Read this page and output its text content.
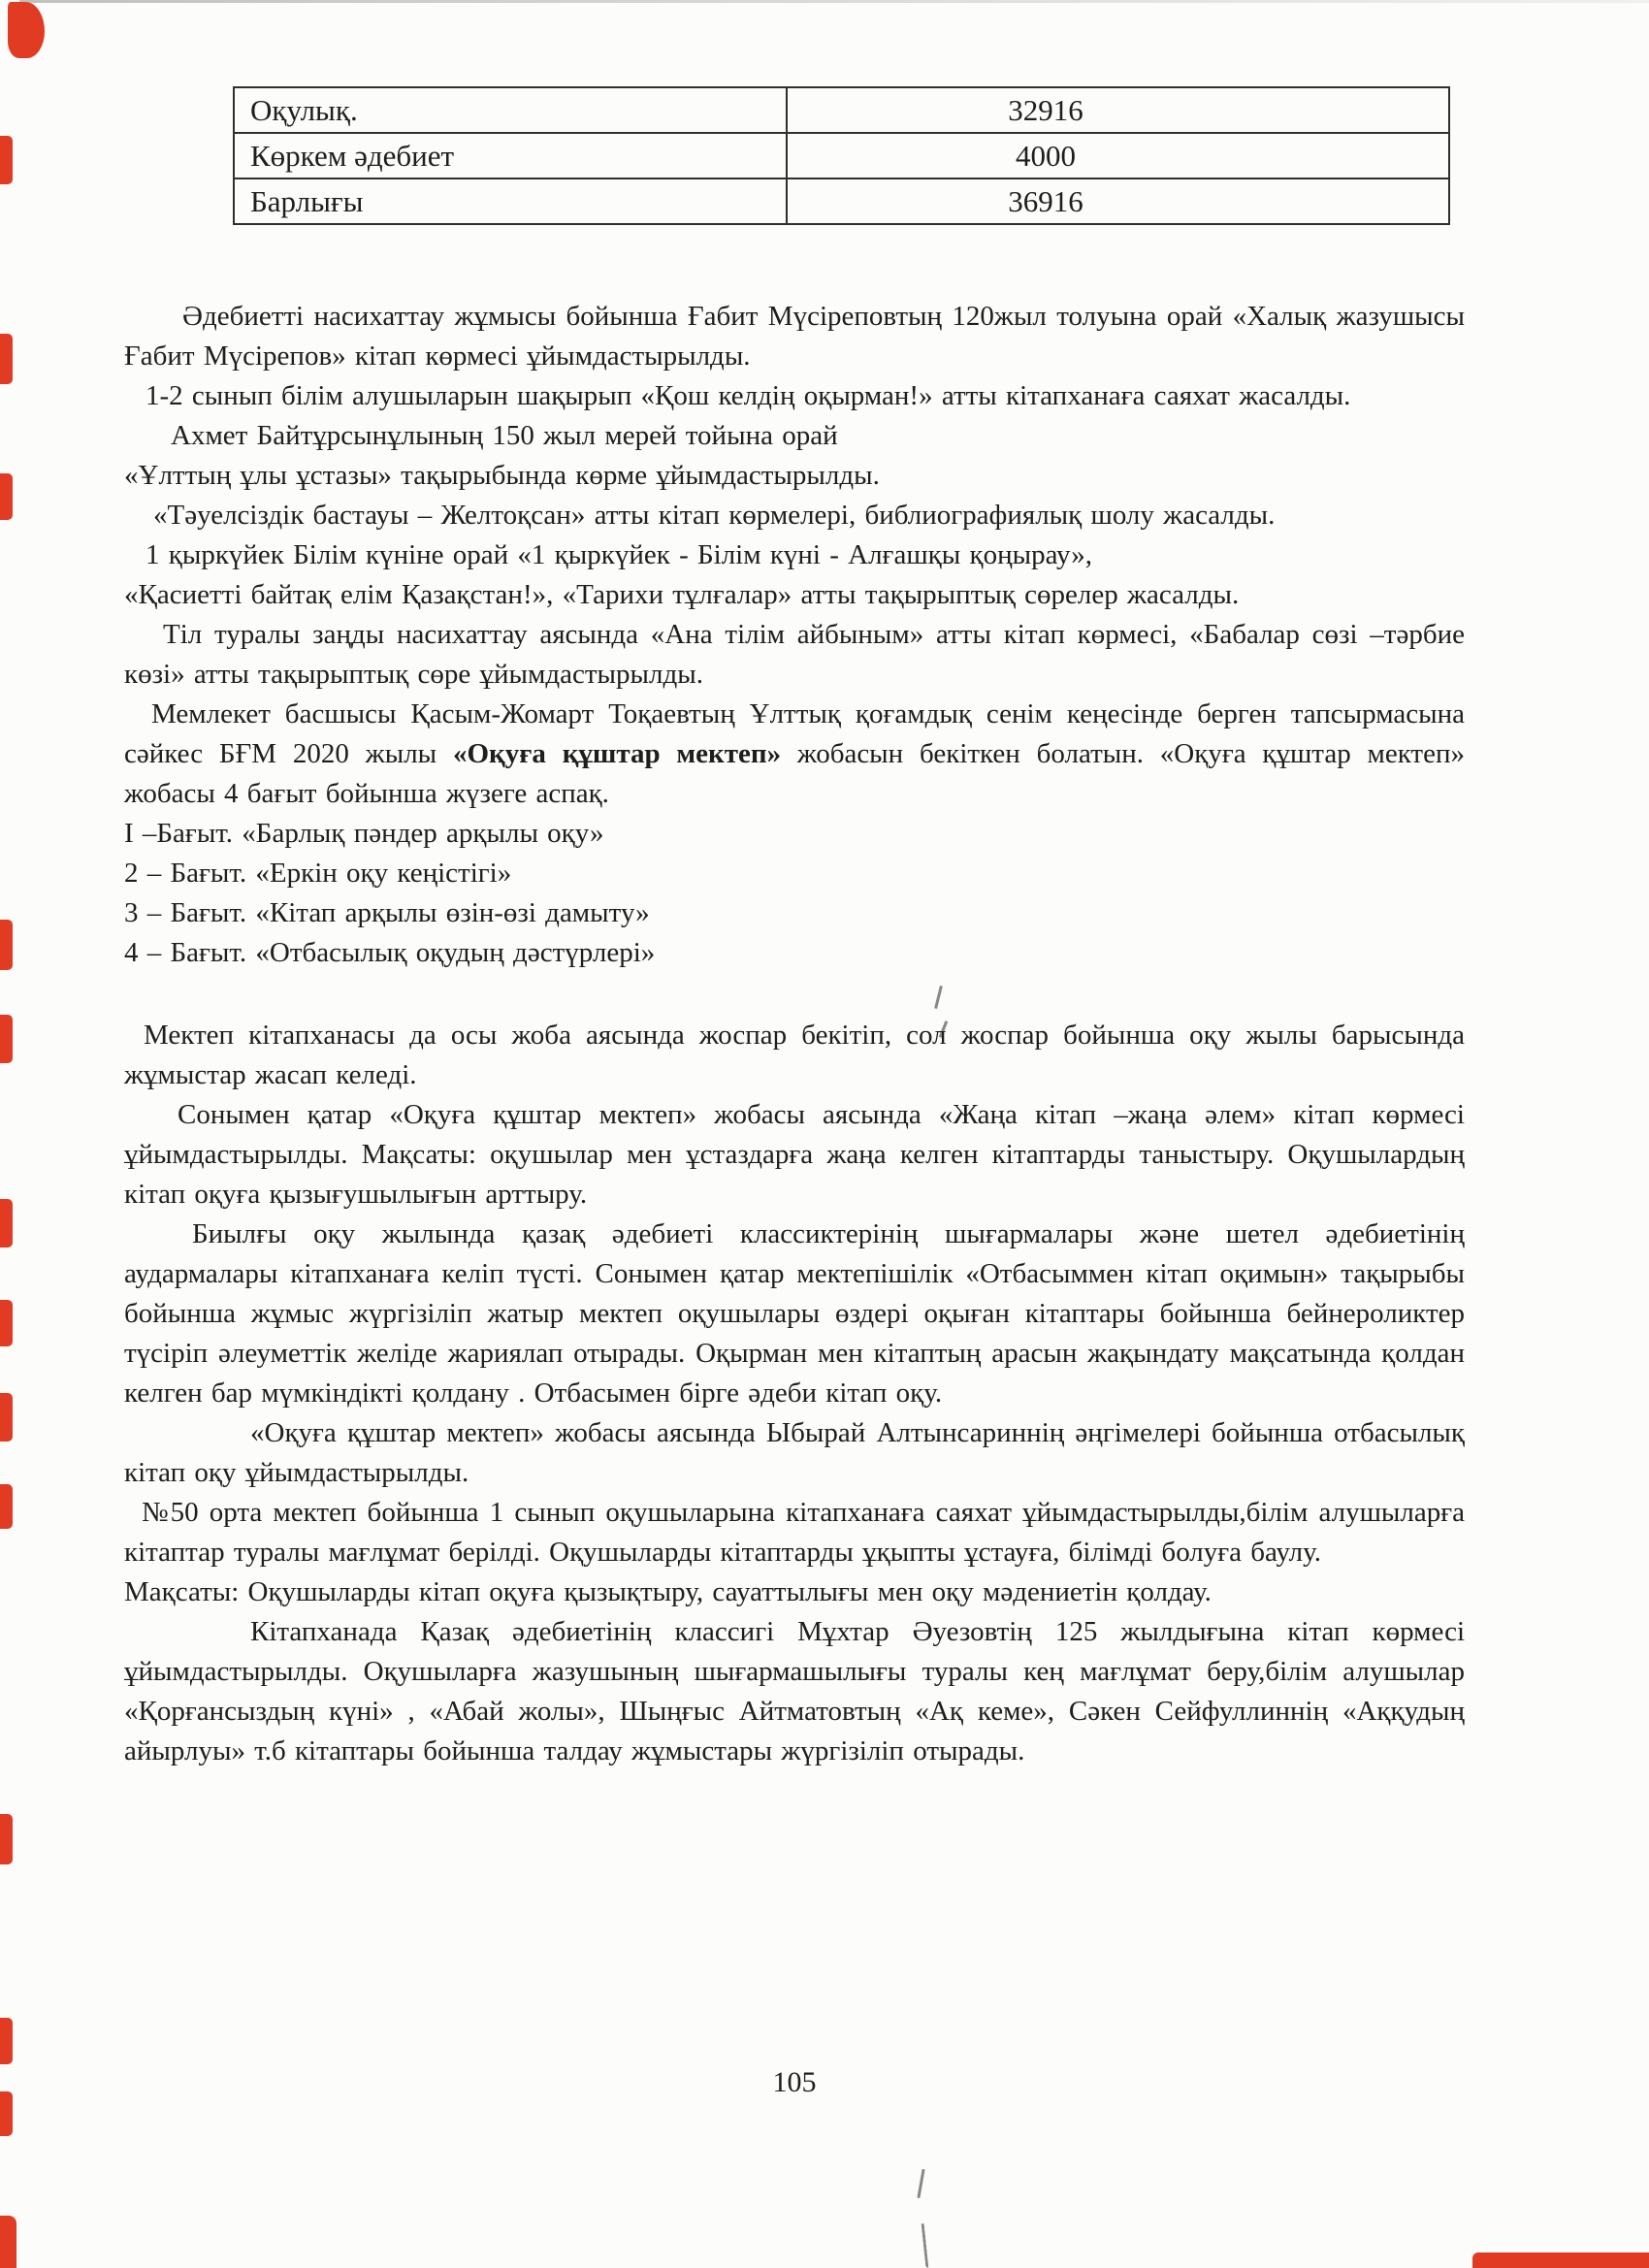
Оқулық.	32916
Көркем әдебиет	4000
Барлығы	36916

Әдебиетті насихаттау жұмысы бойынша Ғабит Мүсіреповтың 120жыл толуына орай «Халық жазушысы Ғабит Мүсірепов» кітап көрмесі ұйымдастырылды.

1-2 сынып білім алушыларын шақырып «Қош келдің оқырман!» атты кітапханаға саяхат жасалды.

Ахмет Байтұрсынұлының 150 жыл мерей тойына орай

«Ұлттың ұлы ұстазы» тақырыбында көрме ұйымдастырылды.

«Тәуелсіздік бастауы – Желтоқсан» атты кітап көрмелері, библиографиялық шолу жасалды.

1 қыркүйек Білім күніне орай «1 қыркүйек - Білім күні - Алғашқы қоңырау»,

«Қасиетті байтақ елім Қазақстан!», «Тарихи тұлғалар» атты тақырыптық сөрелер жасалды.

Тіл туралы заңды насихаттау аясында «Ана тілім айбыным» атты кітап көрмесі, «Бабалар сөзі –тәрбие көзі» атты тақырыптық сөре ұйымдастырылды.

Мемлекет басшысы Қасым-Жомарт Тоқаевтың Ұлттық қоғамдық сенім кеңесінде берген тапсырмасына сәйкес БҒМ 2020 жылы «Оқуға құштар мектеп» жобасын бекіткен болатын. «Оқуға құштар мектеп» жобасы 4 бағыт бойынша жүзеге аспақ.

І –Бағыт. «Барлық пәндер арқылы оқу»

2 – Бағыт. «Еркін оқу кеңістігі»

3 – Бағыт. «Кітап арқылы өзін-өзі дамыту»

4 – Бағыт. «Отбасылық оқудың дәстүрлері»

Мектеп кітапханасы да осы жоба аясында жоспар бекітіп, сол жоспар бойынша оқу жылы барысында жұмыстар жасап келеді.

Сонымен қатар «Оқуға құштар мектеп» жобасы аясында «Жаңа кітап –жаңа әлем» кітап көрмесі ұйымдастырылды. Мақсаты: оқушылар мен ұстаздарға жаңа келген кітаптарды таныстыру. Оқушылардың кітап оқуға қызығушылығын арттыру.

Биылғы оқу жылында қазақ әдебиеті классиктерінің шығармалары және шетел әдебиетінің аудармалары кітапханаға келіп түсті. Сонымен қатар мектепішілік «Отбасыммен кітап оқимын» тақырыбы бойынша жұмыс жүргізіліп жатыр мектеп оқушылары өздері оқыған кітаптары бойынша бейнероликтер түсіріп әлеуметтік желіде жариялап отырады. Оқырман мен кітаптың арасын жақындату мақсатында қолдан келген бар мүмкіндікті қолдану . Отбасымен бірге әдеби кітап оқу.

«Оқуға құштар мектеп» жобасы аясында Ыбырай Алтынсариннің әңгімелері бойынша отбасылық кітап оқу ұйымдастырылды.

№50 орта мектеп бойынша 1 сынып оқушыларына кітапханаға саяхат ұйымдастырылды,білім алушыларға кітаптар туралы мағлұмат берілді. Оқушыларды кітаптарды ұқыпты ұстауға, білімді болуға баулу.

Мақсаты: Оқушыларды кітап оқуға қызықтыру, сауаттылығы мен оқу мәдениетін қолдау.

Кітапханада Қазақ әдебиетінің классигі Мұхтар Әуезовтің 125 жылдығына кітап көрмесі ұйымдастырылды. Оқушыларға жазушының шығармашылығы туралы кең мағлұмат беру,білім алушылар «Қорғансыздың күні» , «Абай жолы», Шыңғыс Айтматовтың «Ақ кеме», Сәкен Сейфуллиннің «Аққудың айырлуы» т.б кітаптары бойынша талдау жұмыстары жүргізіліп отырады.

105
